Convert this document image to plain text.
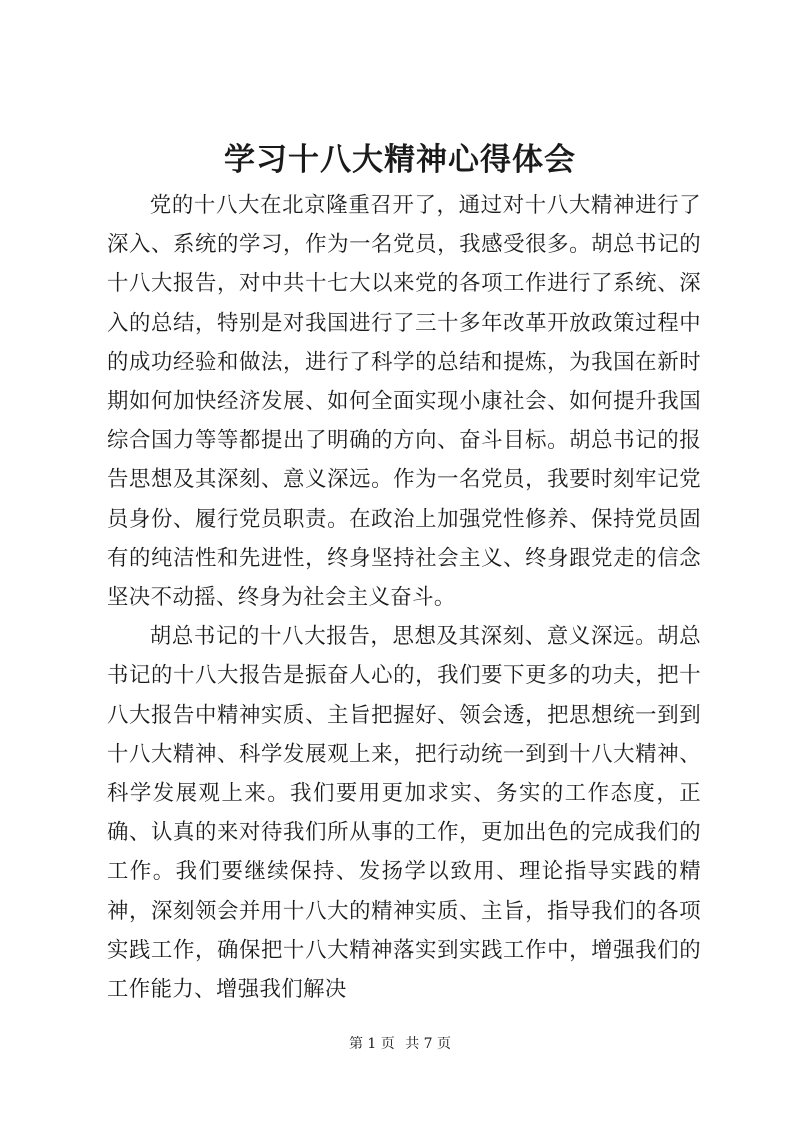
学习十八大精神心得体会

党的十八大在北京隆重召开了，通过对十八大精神进行了深入、系统的学习，作为一名党员，我感受很多。胡总书记的十八大报告，对中共十七大以来党的各项工作进行了系统、深入的总结，特别是对我国进行了三十多年改革开放政策过程中的成功经验和做法，进行了科学的总结和提炼，为我国在新时期如何加快经济发展、如何全面实现小康社会、如何提升我国综合国力等等都提出了明确的方向、奋斗目标。胡总书记的报告思想及其深刻、意义深远。作为一名党员，我要时刻牢记党员身份、履行党员职责。在政治上加强党性修养、保持党员固有的纯洁性和先进性，终身坚持社会主义、终身跟党走的信念坚决不动摇、终身为社会主义奋斗。

胡总书记的十八大报告，思想及其深刻、意义深远。胡总书记的十八大报告是振奋人心的，我们要下更多的功夫，把十八大报告中精神实质、主旨把握好、领会透，把思想统一到到十八大精神、科学发展观上来，把行动统一到到十八大精神、科学发展观上来。我们要用更加求实、务实的工作态度，正确、认真的来对待我们所从事的工作，更加出色的完成我们的工作。我们要继续保持、发扬学以致用、理论指导实践的精神，深刻领会并用十八大的精神实质、主旨，指导我们的各项实践工作，确保把十八大精神落实到实践工作中，增强我们的工作能力、增强我们解决

第 1 页 共 7 页
